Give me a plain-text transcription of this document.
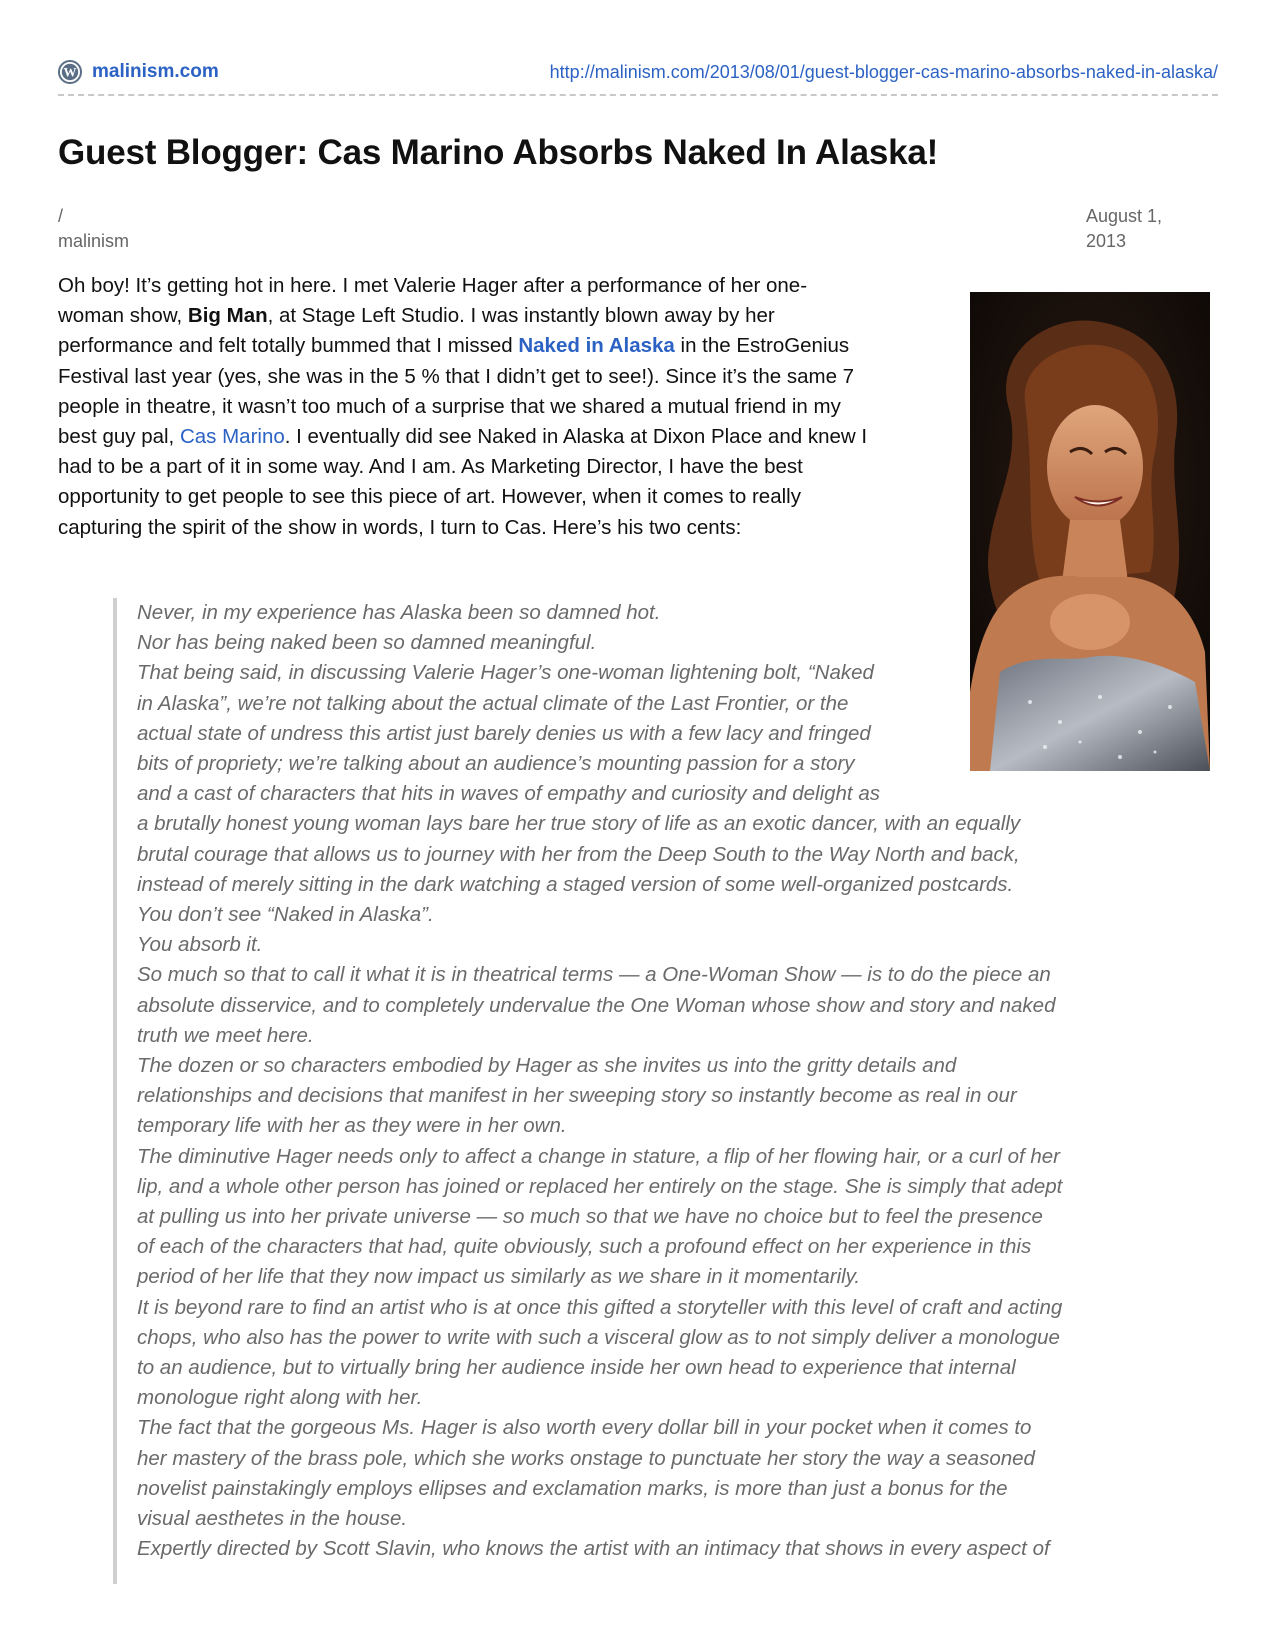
W malinism.com	http://malinism.com/2013/08/01/guest-blogger-cas-marino-absorbs-naked-in-alaska/
Guest Blogger: Cas Marino Absorbs Naked In Alaska!
/
malinism
August 1,
2013

Oh boy! It’s getting hot in here. I met Valerie Hager after a performance of her one-
woman show, Big Man, at Stage Left Studio. I was instantly blown away by her
performance and felt totally bummed that I missed Naked in Alaska in the EstroGenius
Festival last year (yes, she was in the 5 % that I didn’t get to see!). Since it’s the same 7
people in theatre, it wasn’t too much of a surprise that we shared a mutual friend in my
best guy pal, Cas Marino. I eventually did see Naked in Alaska at Dixon Place and knew I
had to be a part of it in some way. And I am. As Marketing Director, I have the best
opportunity to get people to see this piece of art. However, when it comes to really
capturing the spirit of the show in words, I turn to Cas. Here’s his two cents:

Never, in my experience has Alaska been so damned hot.
Nor has being naked been so damned meaningful.
That being said, in discussing Valerie Hager’s one-woman lightening bolt, “Naked
in Alaska”, we’re not talking about the actual climate of the Last Frontier, or the
actual state of undress this artist just barely denies us with a few lacy and fringed
bits of propriety; we’re talking about an audience’s mounting passion for a story
and a cast of characters that hits in waves of empathy and curiosity and delight as
a brutally honest young woman lays bare her true story of life as an exotic dancer, with an equally
brutal courage that allows us to journey with her from the Deep South to the Way North and back,
instead of merely sitting in the dark watching a staged version of some well-organized postcards.
You don’t see “Naked in Alaska”.
You absorb it.
So much so that to call it what it is in theatrical terms — a One-Woman Show — is to do the piece an
absolute disservice, and to completely undervalue the One Woman whose show and story and naked
truth we meet here.
The dozen or so characters embodied by Hager as she invites us into the gritty details and
relationships and decisions that manifest in her sweeping story so instantly become as real in our
temporary life with her as they were in her own.
The diminutive Hager needs only to affect a change in stature, a flip of her flowing hair, or a curl of her
lip, and a whole other person has joined or replaced her entirely on the stage. She is simply that adept
at pulling us into her private universe — so much so that we have no choice but to feel the presence
of each of the characters that had, quite obviously, such a profound effect on her experience in this
period of her life that they now impact us similarly as we share in it momentarily.
It is beyond rare to find an artist who is at once this gifted a storyteller with this level of craft and acting
chops, who also has the power to write with such a visceral glow as to not simply deliver a monologue
to an audience, but to virtually bring her audience inside her own head to experience that internal
monologue right along with her.
The fact that the gorgeous Ms. Hager is also worth every dollar bill in your pocket when it comes to
her mastery of the brass pole, which she works onstage to punctuate her story the way a seasoned
novelist painstakingly employs ellipses and exclamation marks, is more than just a bonus for the
visual aesthetes in the house.
Expertly directed by Scott Slavin, who knows the artist with an intimacy that shows in every aspect of
